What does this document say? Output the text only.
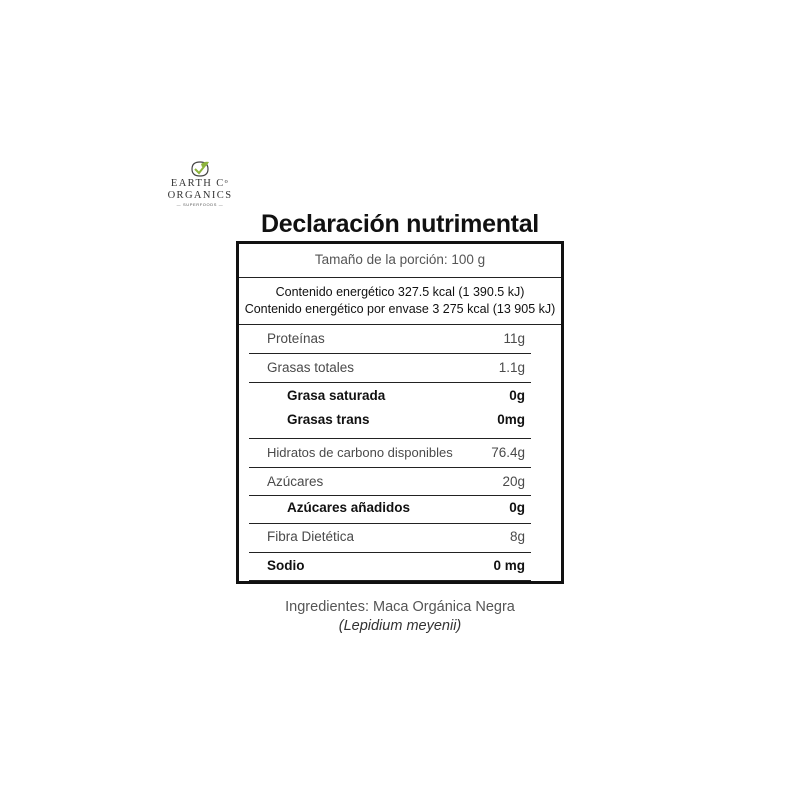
EARTH Cᵒ
ORGANICS
— SUPERFOODS —
Declaración nutrimental
Tamaño de la porción: 100 g
Contenido energético 327.5 kcal (1 390.5 kJ)
Contenido energético por envase 3 275 kcal (13 905 kJ)
Proteínas	11g
Grasas totales	1.1g
Grasa saturada	0g
Grasas trans	0mg
Hidratos de carbono disponibles	76.4g
Azúcares	20g
Azúcares añadidos	0g
Fibra Dietética	8g
Sodio	0 mg
Ingredientes: Maca Orgánica Negra
(Lepidium meyenii)
